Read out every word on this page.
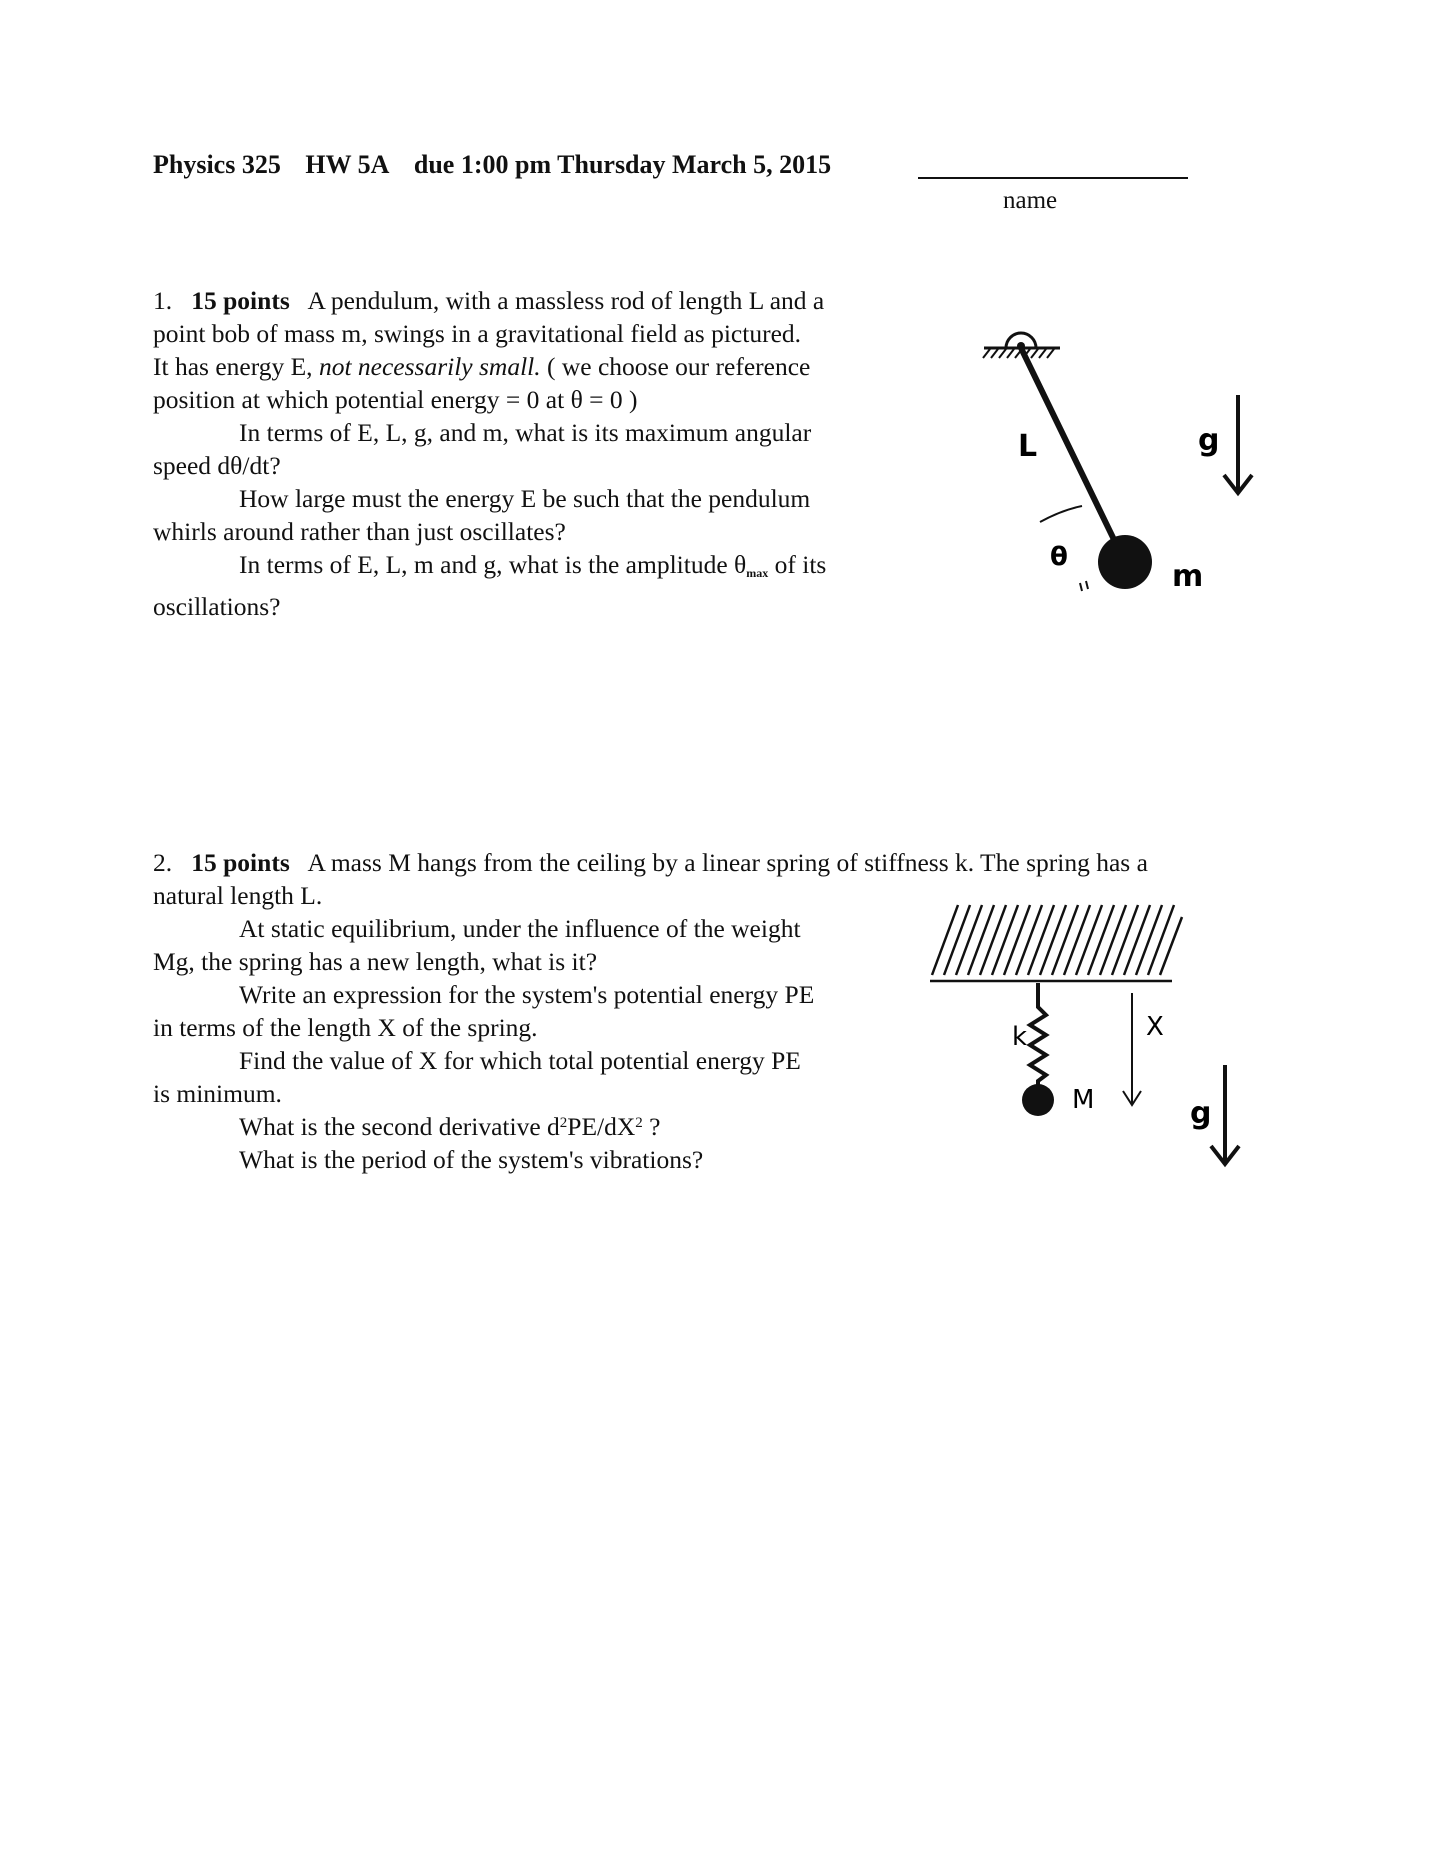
Physics 325 HW 5A due 1:00 pm Thursday March 5, 2015
name
1. 15 points A pendulum, with a massless rod of length L and a
point bob of mass m, swings in a gravitational field as pictured.
It has energy E, not necessarily small. ( we choose our reference
position at which potential energy = 0 at θ = 0 )
In terms of E, L, g, and m, what is its maximum angular
speed dθ/dt?
How large must the energy E be such that the pendulum
whirls around rather than just oscillates?
In terms of E, L, m and g, what is the amplitude $\theta_{max}$ of its
oscillations?
L
θ
m
g
2. 15 points A mass M hangs from the ceiling by a linear spring of stiffness k. The spring has a
natural length L.
At static equilibrium, under the influence of the weight
Mg, the spring has a new length, what is it?
Write an expression for the system's potential energy PE
in terms of the length X of the spring.
Find the value of X for which total potential energy PE
is minimum.
What is the second derivative $d^2PE/dX^2$ ?
What is the period of the system's vibrations?
k
M
X
g
